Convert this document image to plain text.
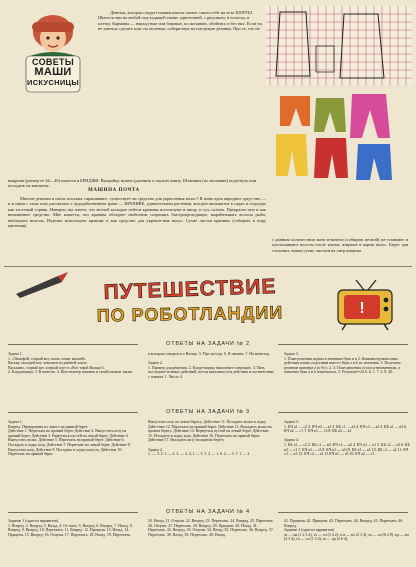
СОВЕТЫ
МАШИ
ИСКУСНИЦЫ
Девочка, которая следует нашим шитья, может сшить себе на лето ШОРТЫ. Шьются они на любой под-ходящей ткани: однотонной, с рисунком, в полоску, в клетку. Карманы — наклад-ные или боковые, по желанию, обойтись и без них. Если ты не умеешь сделать пояс на застежке, собери верх на ши-рокую резинку. Про то, что не
выкроив (размер ее 44—46) шьются и БРИДЖИ. Выкройку нужно удлинить и заузить книзу. Штанины (по желанию) подогнуть или посадить на манжеты.
МАШИНА ПОЧТА
Многие девочки в своих письмах спрашивают: существует ли средство для укрепления волос? Я знаю одно народное сред-ство — и в связи с этим хочу рассказать о чудодейственном траве — КРАПИВЕ, удивительном растении, которое вызыва-ют в садах и огородах как злостный сорняк. Наверно, вы знаете, что весной молодые побеги крапивы используют в пищу, в суп, салаты. Прекрасно оно и как витаминное средство. Мне кажется, что крапива обладает свойством сохранять быстропроходящее, вырабатывать волосы рыба, наблюдать волосы. Изделия используют крапиву и как средство для укрепле-ния волос. Сухие листья крапивы (собирать в пору цветения)
с равным количеством мать-и-мачехи (собирать весной) на-стаивают и ополаскивают волосы после мытья, втирают в корни волос. Берут три столовых ложки сухих листьев на литр кипятка.
ПУТЕШЕСТВИЕ
ПО РОБОТЛАНДИИ	!
ОТВЕТЫ НА ЗАДАЧИ № 2
Задача 1.
1. «Тимофей, старый кот, плохо ловит мышей»
Васька, молодой кот, чемпион по рыбной ловле.
Васькино, старый кот, хитрый плут в «Кто такой Васька?»
2. Кладовщица, 3. В повесть. 4. Ком-пьютер машина и своей памяти заклю.
в котором говорится о Васько. 5. Про-цессор. 6. В памяти. 7. На монитор.

Задача 2.
1. Пример для решения. 2. Кладо-вщица выполняет операцию. 3. Пять последова-тельных действий, потом выполнил эти действия в соответствии с планом. 1. Число 4.
Задача 3.
1. План решения задачи в значении букв и в 2. Компьютер выполнил действия плана, подставив вместо букв а и b их значения. 3. Получено решение примера а (х+b) с 2. 4. План решения остался неизменным, а значение букв а и b изменилось. 5. Результат=22.6. 6. 1. 7. 4. 8. 20.
ОТВЕТЫ НА ЗАДАЧИ № 3
Задача 1.
Вперед. Переправить из левого на правый берег.
Действие 1. Переехать на правый берег. Действие 2. Выпустить козу на правый берег. Действие 3. Вернуться пустой на левый берег. Действие 4. Выпустить волка. Действие 5. Переехать на правый берег. Действие 6. Посадить в лодку козу. Действие 7. Переехать на левый берег. Действие 8. Выпустить козу. Действие 9. Посадить в лодку капусту. Действие 10. Переехать на правый берег.
Выпустить козу на левом берегу. Дейст-вие 11. Посадить волка в лодку. Дейст-вие 12. Переехать на правый берег. Действие 13. Высадить волка на правом берегу. Действие 14. Вернуться пустой на левый берег. Действие 15. Посадить в лодку козу. Действие 16. Переехать на правый берег. Действие 17. Высадить козу на правом берегу.

Задача 2.
1. — 3. 2. 1 — 2. 3. — 3. 4. 1 — 3. 5. 2 — 1. 6. 2 — 3. 7. 1 — 3.
Задача 3.
1. КЧ а1 — с2 2. КЧ в3 — а1 3. КБ с1 — а3 4. КЧ с3 — а2 5. КБ а1 — в3 6. КЧ а2 — с1 7. КЧ в1 — с3 8. КБ а3 — в1

Задача 4.
1. КБ а1 — с2 2. КБ с1 — в3. КЧ с3 — а2 4. КЧ а3 — в1 5. КБ с2 — а3 6. КБ в3 — с1 7. КЧ а2 — с3 8. КЧ в1 — а3 (9. КБ а3 — в1 10. КБ с1 — а2 11. КЧ с3 — в1 12. КЧ с2 — а3 15 КЧ в1 — а3 16. КЧ а2 — с1.
ОТВЕТЫ НА ЗАДАЧИ № 4
Задание 1 (один из вариантов).
1. Вперед. 2. Вперед. 3. Назад. 4. От-пить. 5. Вперед. 6. Вперед. 7. Назад. 8. Вперед. 9. Вперед. 10. Переехать. 11. Вперед. 12. Прицепи. 13. Назад. 14. Прицепи. 15. Вперед. 16. Отцепи. 17. Переехать. 18. Назад. 19. Переехать.
20. Назад. 21. Отцепи. 22. Вперед. 23. Переехать. 24. Вперед. 25. Переехать. 26. Отцепи. 27. Переехать. 28. Вперед. 29. Прицепи. 30. Назад. 31. Переехать. 32. Вперед. 33. Отцепи. 34. Назад. 35. Переехать. 36. Вперед. 37. Переехать. 38. Назад. 39. Переехать. 40. Назад.
41. Прицепи. 42. Прицепи. 43. Переехать. 44. Вперед. 45. Переехать. 46. Вперед.
Задание 2 (один из вариантов).
за — ма (1 2 3 4), тл — ол (3 4 2), гол — ко (2 3 4), ло — ол (6 2 0), кр — ма (2 3 4), гк — ол (1 3 4), гл — кр (4 6 4).
